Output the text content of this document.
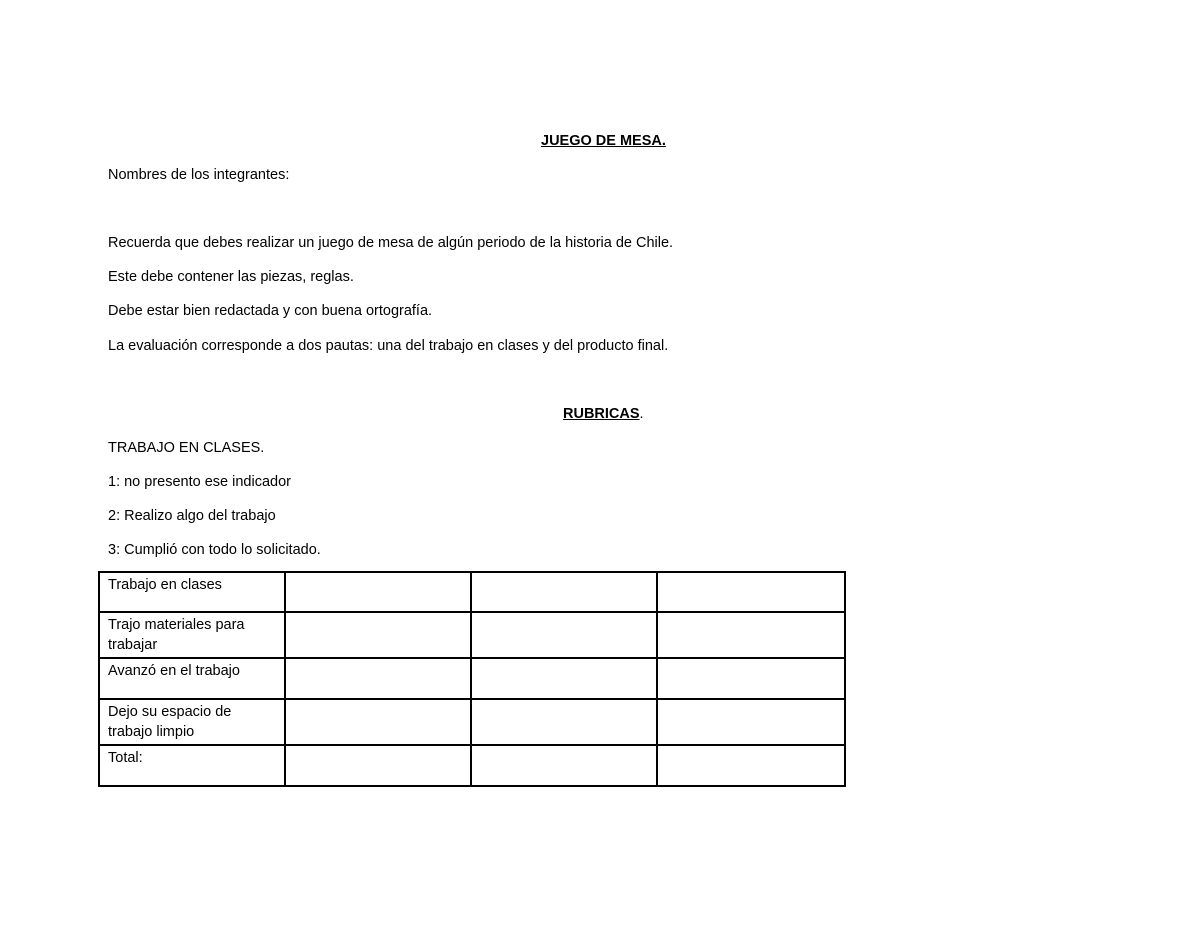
JUEGO DE MESA.
Nombres de los integrantes:
Recuerda que debes realizar un juego de mesa de algún periodo de la historia de Chile.
Este debe contener las piezas, reglas.
Debe estar bien redactada y con buena ortografía.
La evaluación corresponde a dos pautas: una del trabajo en clases y del producto final.
RUBRICAS.
TRABAJO EN CLASES.
1: no presento ese indicador
2: Realizo algo del trabajo
3: Cumplió con todo lo solicitado.
Trabajo en clases			
Trajo materiales para
trabajar			
Avanzó en el trabajo			
Dejo su espacio de
trabajo limpio			
Total:			
